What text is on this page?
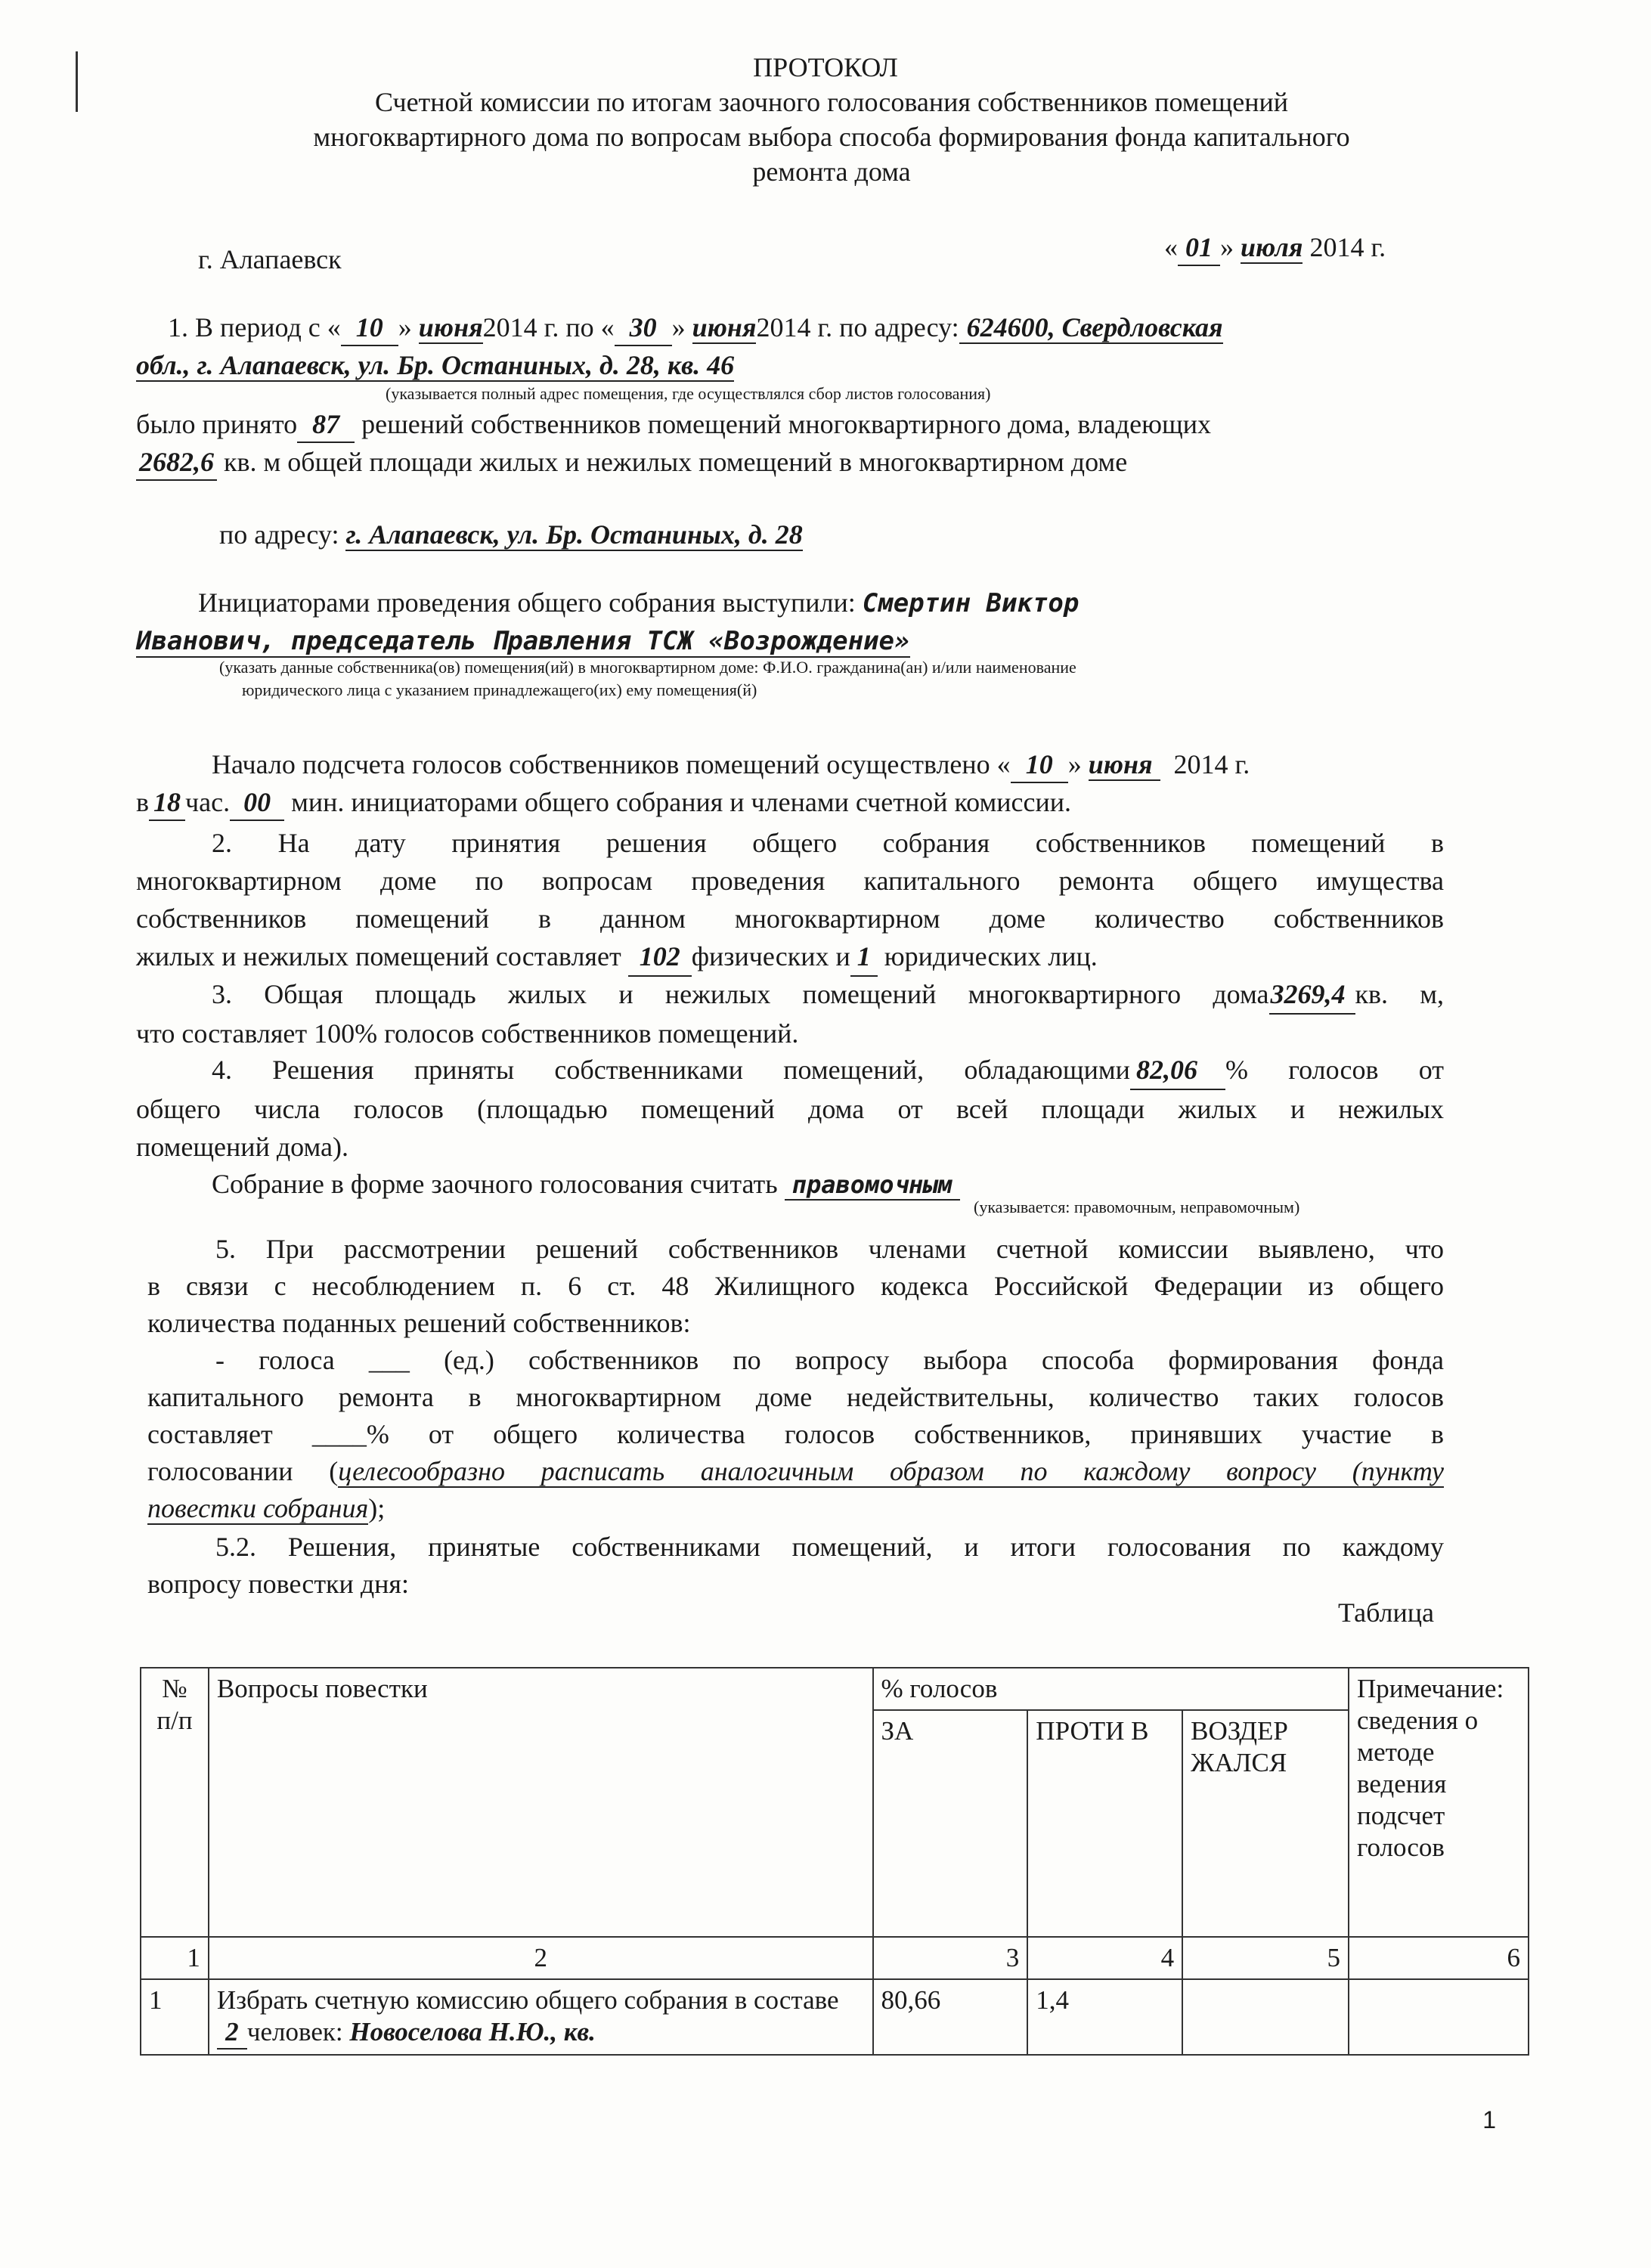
ПРОТОКОЛ
Счетной комиссии по итогам заочного голосования собственников помещений
многоквартирного дома по вопросам выбора способа формирования фонда капитального
ремонта дома
г. Алапаевск	« 01 » июля 2014 г.
1. В период с « 10 » июня2014 г. по « 30 » июня2014 г. по адресу: 624600, Свердловская
обл., г. Алапаевск, ул. Бр. Останиных, д. 28, кв. 46
(указывается полный адрес помещения, где осуществлялся сбор листов голосования)
было принято 87 решений собственников помещений многоквартирного дома, владеющих
2682,6 кв. м общей площади жилых и нежилых помещений в многоквартирном доме
по адресу: г. Алапаевск, ул. Бр. Останиных, д. 28
Инициаторами проведения общего собрания выступили: Смертин Виктор
Иванович, председатель Правления ТСЖ «Возрождение»
(указать данные собственника(ов) помещения(ий) в многоквартирном доме: Ф.И.О. гражданина(ан) и/или наименование
юридического лица с указанием принадлежащего(их) ему помещения(й)
Начало подсчета голосов собственников помещений осуществлено « 10 » июня 2014 г.
в 18 час. 00 мин. инициаторами общего собрания и членами счетной комиссии.
2. На дату принятия решения общего собрания собственников помещений в
многоквартирном доме по вопросам проведения капитального ремонта общего имущества
собственников помещений в данном многоквартирном доме количество собственников
жилых и нежилых помещений составляет 102 физических и 1 юридических лиц.
3. Общая площадь жилых и нежилых помещений многоквартирного дома3269,4 кв. м,
что составляет 100% голосов собственников помещений.
4. Решения приняты собственниками помещений, обладающими 82,06 % голосов от
общего числа голосов (площадью помещений дома от всей площади жилых и нежилых
помещений дома).
Собрание в форме заочного голосования считать правомочным
(указывается: правомочным, неправомочным)
5. При рассмотрении решений собственников членами счетной комиссии выявлено, что
в связи с несоблюдением п. 6 ст. 48 Жилищного кодекса Российской Федерации из общего
количества поданных решений собственников:
- голоса ___ (ед.) собственников по вопросу выбора способа формирования фонда
капитального ремонта в многоквартирном доме недействительны, количество таких голосов
составляет ____% от общего количества голосов собственников, принявших участие в
голосовании (целесообразно расписать аналогичным образом по каждому вопросу (пункту
повестки собрания);
5.2. Решения, принятые собственниками помещений, и итоги голосования по каждому
вопросу повестки дня:
Таблица
№ п/п	Вопросы повестки	% голосов			Примечание: сведения о методе ведения подсчет голосов
		ЗА	ПРОТИ В	ВОЗДЕР ЖАЛСЯ	
1	2	3	4	5	6
1	Избрать счетную комиссию общего собрания в составе 2 человек: Новоселова Н.Ю., кв.	80,66	1,4		
1
